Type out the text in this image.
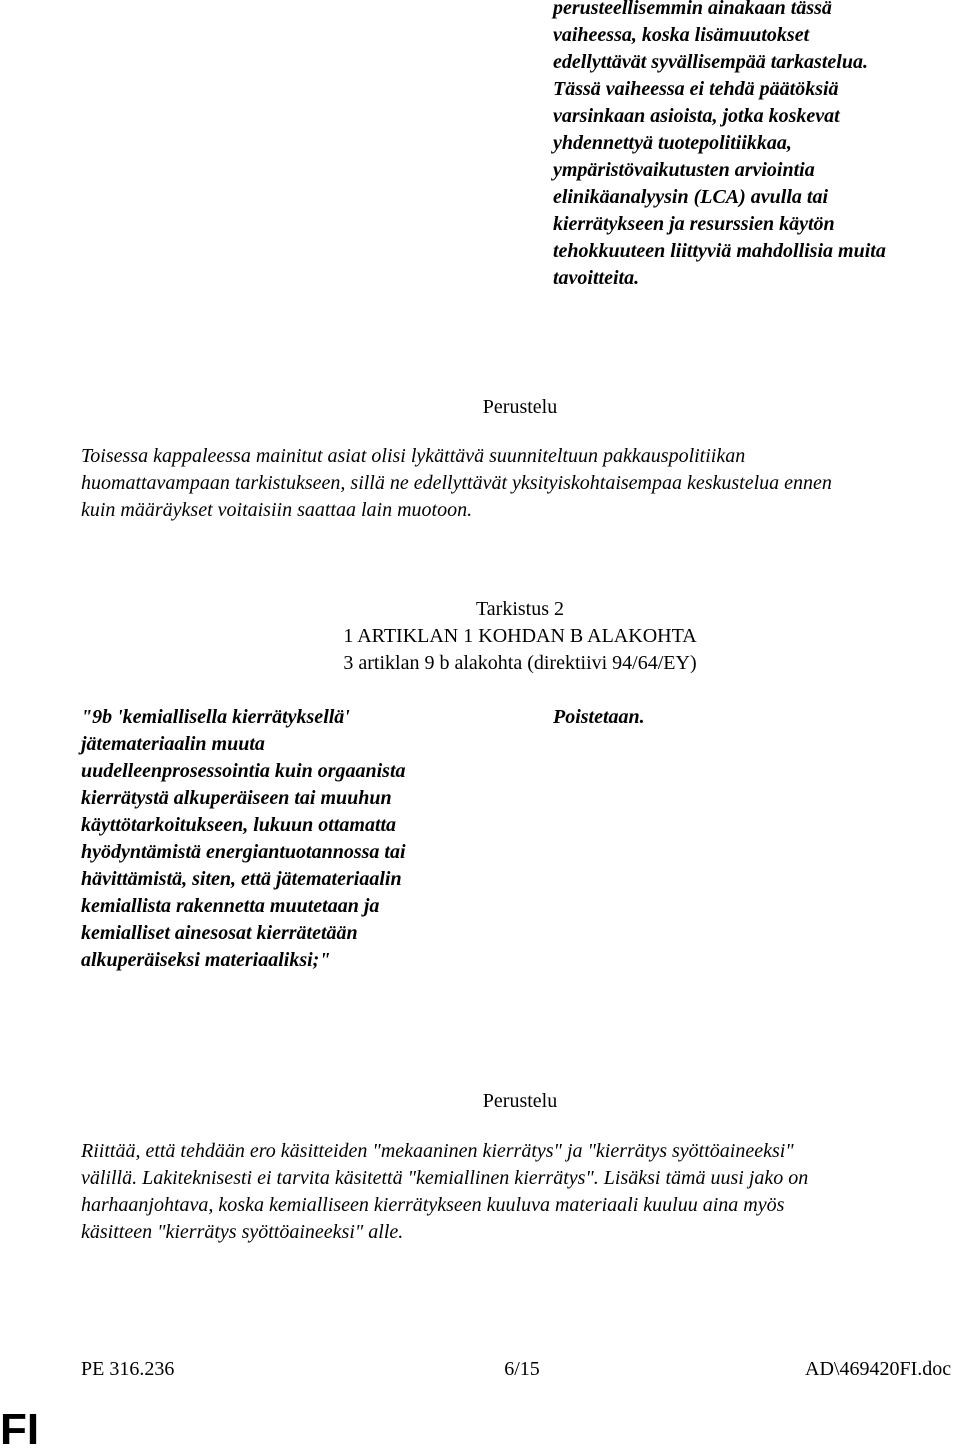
perusteellisemmin ainakaan tässä
vaiheessa, koska lisämuutokset
edellyttävät syvällisempää tarkastelua.
Tässä vaiheessa ei tehdä päätöksiä
varsinkaan asioista, jotka koskevat
yhdennettyä tuotepolitiikkaa,
ympäristövaikutusten arviointia
elinikäanalyysin (LCA) avulla tai
kierrätykseen ja resurssien käytön
tehokkuuteen liittyviä mahdollisia muita
tavoitteita.
Perustelu
Toisessa kappaleessa mainitut asiat olisi lykättävä suunniteltuun pakkauspolitiikan
huomattavampaan tarkistukseen, sillä ne edellyttävät yksityiskohtaisempaa keskustelua ennen
kuin määräykset voitaisiin saattaa lain muotoon.
Tarkistus 2
1 ARTIKLAN 1 KOHDAN B ALAKOHTA
3 artiklan 9 b alakohta (direktiivi 94/64/EY)
"9b 'kemiallisella kierrätyksellä'
jätemateriaalin muuta
uudelleenprosessointia kuin orgaanista
kierrätystä alkuperäiseen tai muuhun
käyttötarkoitukseen, lukuun ottamatta
hyödyntämistä energiantuotannossa tai
hävittämistä, siten, että jätemateriaalin
kemiallista rakennetta muutetaan ja
kemialliset ainesosat kierrätetään
alkuperäiseksi materiaaliksi;"
Poistetaan.
Perustelu
Riittää, että tehdään ero käsitteiden "mekaaninen kierrätys" ja "kierrätys syöttöaineeksi"
välillä. Lakiteknisesti ei tarvita käsitettä "kemiallinen kierrätys". Lisäksi tämä uusi jako on
harhaanjohtava, koska kemialliseen kierrätykseen kuuluva materiaali kuuluu aina myös
käsitteen "kierrätys syöttöaineeksi" alle.
PE 316.236	6/15	AD\469420FI.doc
FI
